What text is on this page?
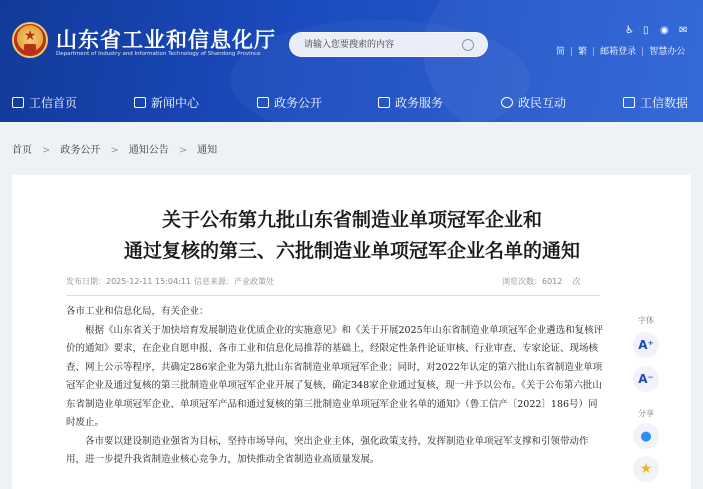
★ 山东省工业和信息化厅
Department of Industry and Information Technology of Shandong Province
请输入您要搜索的内容
♿ ▯ ◉ ✉
简 | 繁 | 邮箱登录 | 智慧办公
工信首页	新闻中心	政务公开	政务服务	政民互动	工信数据
首页 > 政务公开 > 通知公告 > 通知
关于公布第九批山东省制造业单项冠军企业和
通过复核的第三、六批制造业单项冠军企业名单的通知
发布日期：2025-12-11 15:04:11 信息来源：产业政策处	浏览次数：6012 次

各市工业和信息化局，有关企业：

根据《山东省关于加快培育发展制造业优质企业的实施意见》和《关于开展2025年山东省制造业单项冠军企业遴选和复核评价的通知》要求，在企业自愿申报、各市工业和信息化局推荐的基础上，经限定性条件论证审核、行业审查、专家论证、现场核查、网上公示等程序，共确定286家企业为第九批山东省制造业单项冠军企业；同时，对2022年认定的第六批山东省制造业单项冠军企业及通过复核的第三批制造业单项冠军企业开展了复核，确定348家企业通过复核，现一并予以公布。《关于公布第六批山东省制造业单项冠军企业、单项冠军产品和通过复核的第三批制造业单项冠军企业名单的通知》（鲁工信产〔2022〕186号）同时废止。

各市要以建设制造业强省为目标，坚持市场导向，突出企业主体，强化政策支持，发挥制造业单项冠军支撑和引领带动作用，进一步提升我省制造业核心竞争力，加快推动全省制造业高质量发展。

字体
A⁺
A⁻
分享
●
★
